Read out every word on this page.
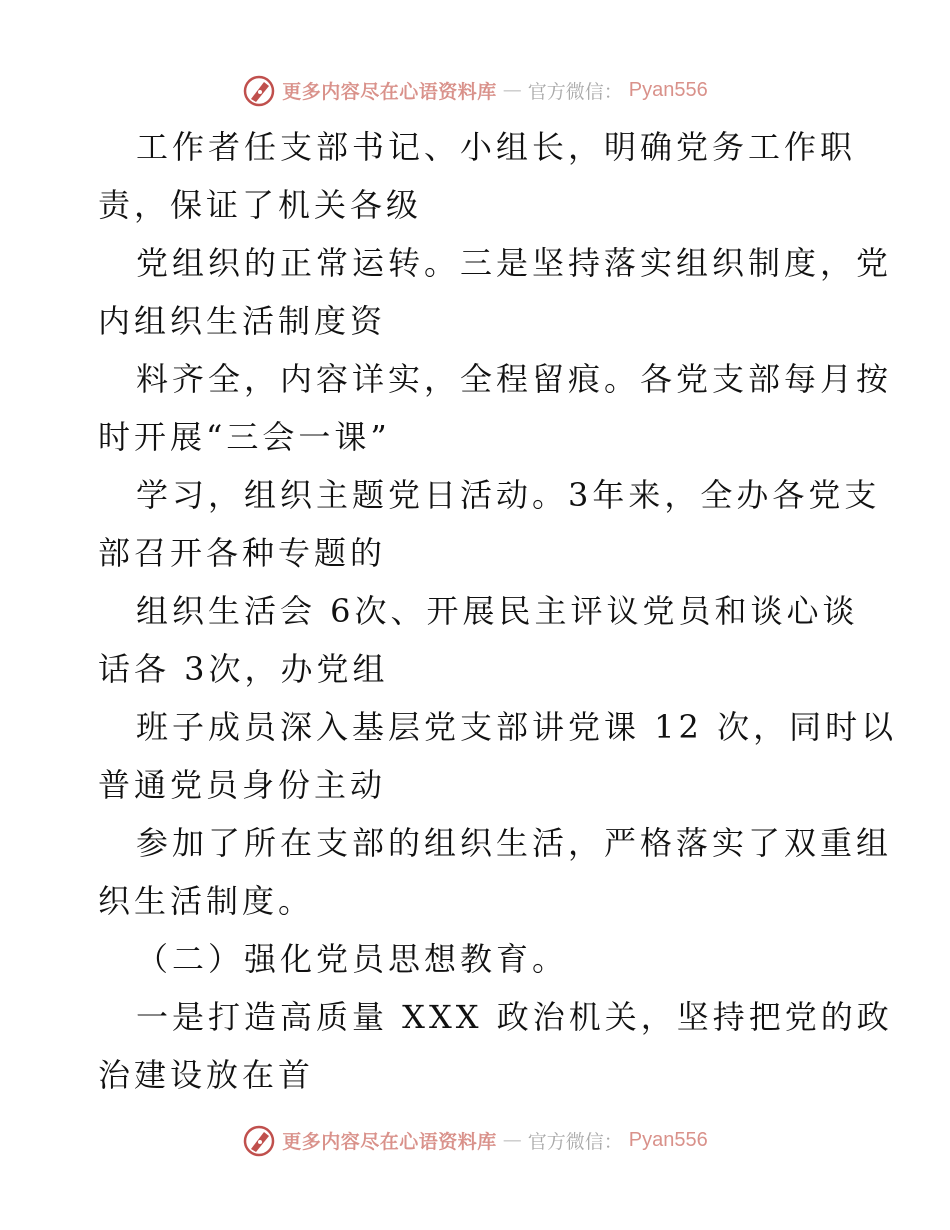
更多内容尽在心语资料库 — 官方微信： Pyan556
工作者任支部书记、小组长，明确党务工作职
责，保证了机关各级
党组织的正常运转。三是坚持落实组织制度，党
内组织生活制度资
料齐全，内容详实，全程留痕。各党支部每月按
时开展“三会一课”
学习，组织主题党日活动。3年来，全办各党支
部召开各种专题的
组织生活会 6次、开展民主评议党员和谈心谈
话各 3次，办党组
班子成员深入基层党支部讲党课 12 次，同时以
普通党员身份主动
参加了所在支部的组织生活，严格落实了双重组
织生活制度。
（二）强化党员思想教育。
一是打造高质量 XXX 政治机关，坚持把党的政
治建设放在首
更多内容尽在心语资料库 — 官方微信： Pyan556
